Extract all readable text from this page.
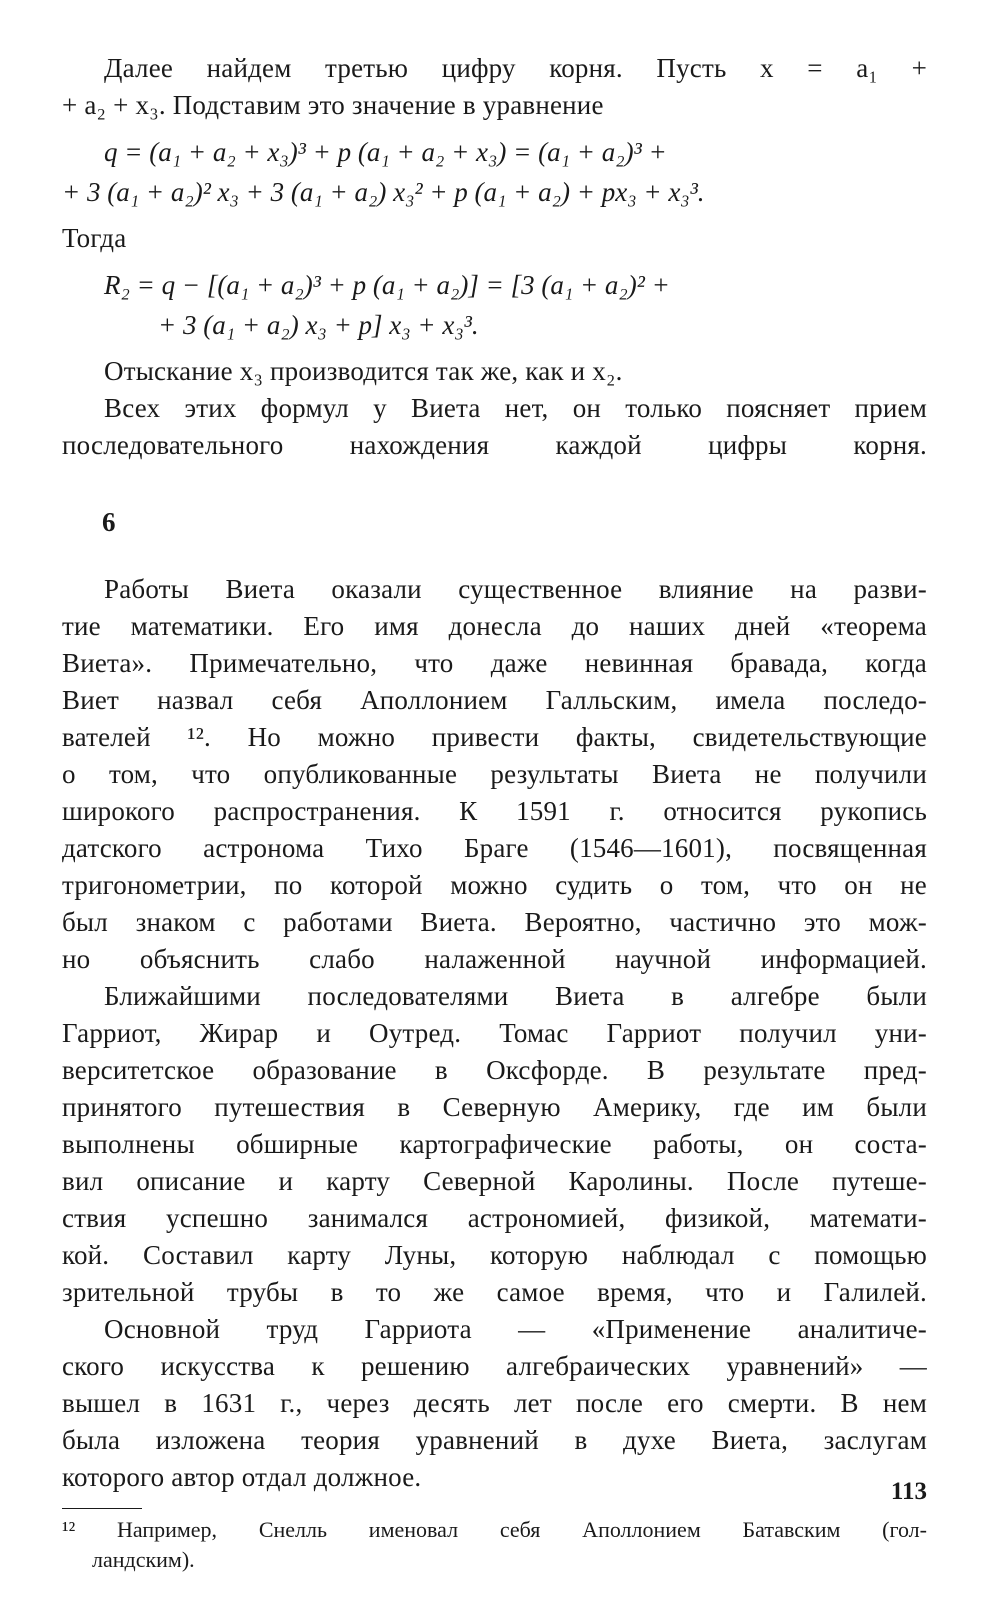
Далее найдем третью цифру корня. Пусть x = a₁ +
+ a₂ + x₃. Подставим это значение в уравнение
q = (a₁ + a₂ + x₃)³ + p (a₁ + a₂ + x₃) = (a₁ + a₂)³ +
+ 3 (a₁ + a₂)² x₃ + 3 (a₁ + a₂) x₃² + p (a₁ + a₂) + px₃ + x₃³.
Тогда
R₂ = q − [(a₁ + a₂)³ + p (a₁ + a₂)] = [3 (a₁ + a₂)² +
+ 3 (a₁ + a₂) x₃ + p] x₃ + x₃³.
Отыскание x₃ производится так же, как и x₂.
Всех этих формул у Виета нет, он только поясняет прием
последовательного нахождения каждой цифры корня.
6
Работы Виета оказали существенное влияние на разви-
тие математики. Его имя донесла до наших дней «теорема
Виета». Примечательно, что даже невинная бравада, когда
Виет назвал себя Аполлонием Галльским, имела последо-
вателей ¹². Но можно привести факты, свидетельствующие
о том, что опубликованные результаты Виета не получили
широкого распространения. К 1591 г. относится рукопись
датского астронома Тихо Браге (1546—1601), посвященная
тригонометрии, по которой можно судить о том, что он не
был знаком с работами Виета. Вероятно, частично это мож-
но объяснить слабо налаженной научной информацией.
Ближайшими последователями Виета в алгебре были
Гарриот, Жирар и Оутред. Томас Гарриот получил уни-
верситетское образование в Оксфорде. В результате пред-
принятого путешествия в Северную Америку, где им были
выполнены обширные картографические работы, он соста-
вил описание и карту Северной Каролины. После путеше-
ствия успешно занимался астрономией, физикой, математи-
кой. Составил карту Луны, которую наблюдал с помощью
зрительной трубы в то же самое время, что и Галилей.
Основной труд Гарриота — «Применение аналитиче-
ского искусства к решению алгебраических уравнений» —
вышел в 1631 г., через десять лет после его смерти. В нем
была изложена теория уравнений в духе Виета, заслугам
которого автор отдал должное.
¹² Например, Снелль именовал себя Аполлонием Батавским (гол-
ландским).
113
